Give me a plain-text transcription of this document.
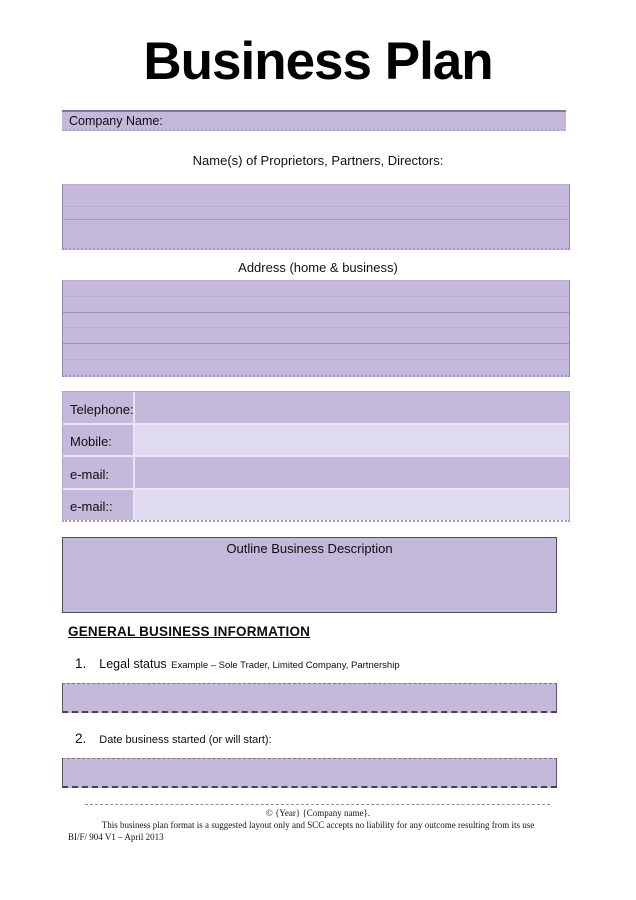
Business Plan
Company Name:
Name(s) of Proprietors, Partners, Directors:
Address (home & business)
Telephone:
Mobile:
e-mail:
e-mail::
Outline Business Description
GENERAL BUSINESS INFORMATION
1. Legal status Example – Sole Trader, Limited Company, Partnership
2. Date business started (or will start):
© {Year} {Company name}.
This business plan format is a suggested layout only and SCC accepts no liability for any outcome resulting from its use
BI/F/ 904 V1 – April 2013
